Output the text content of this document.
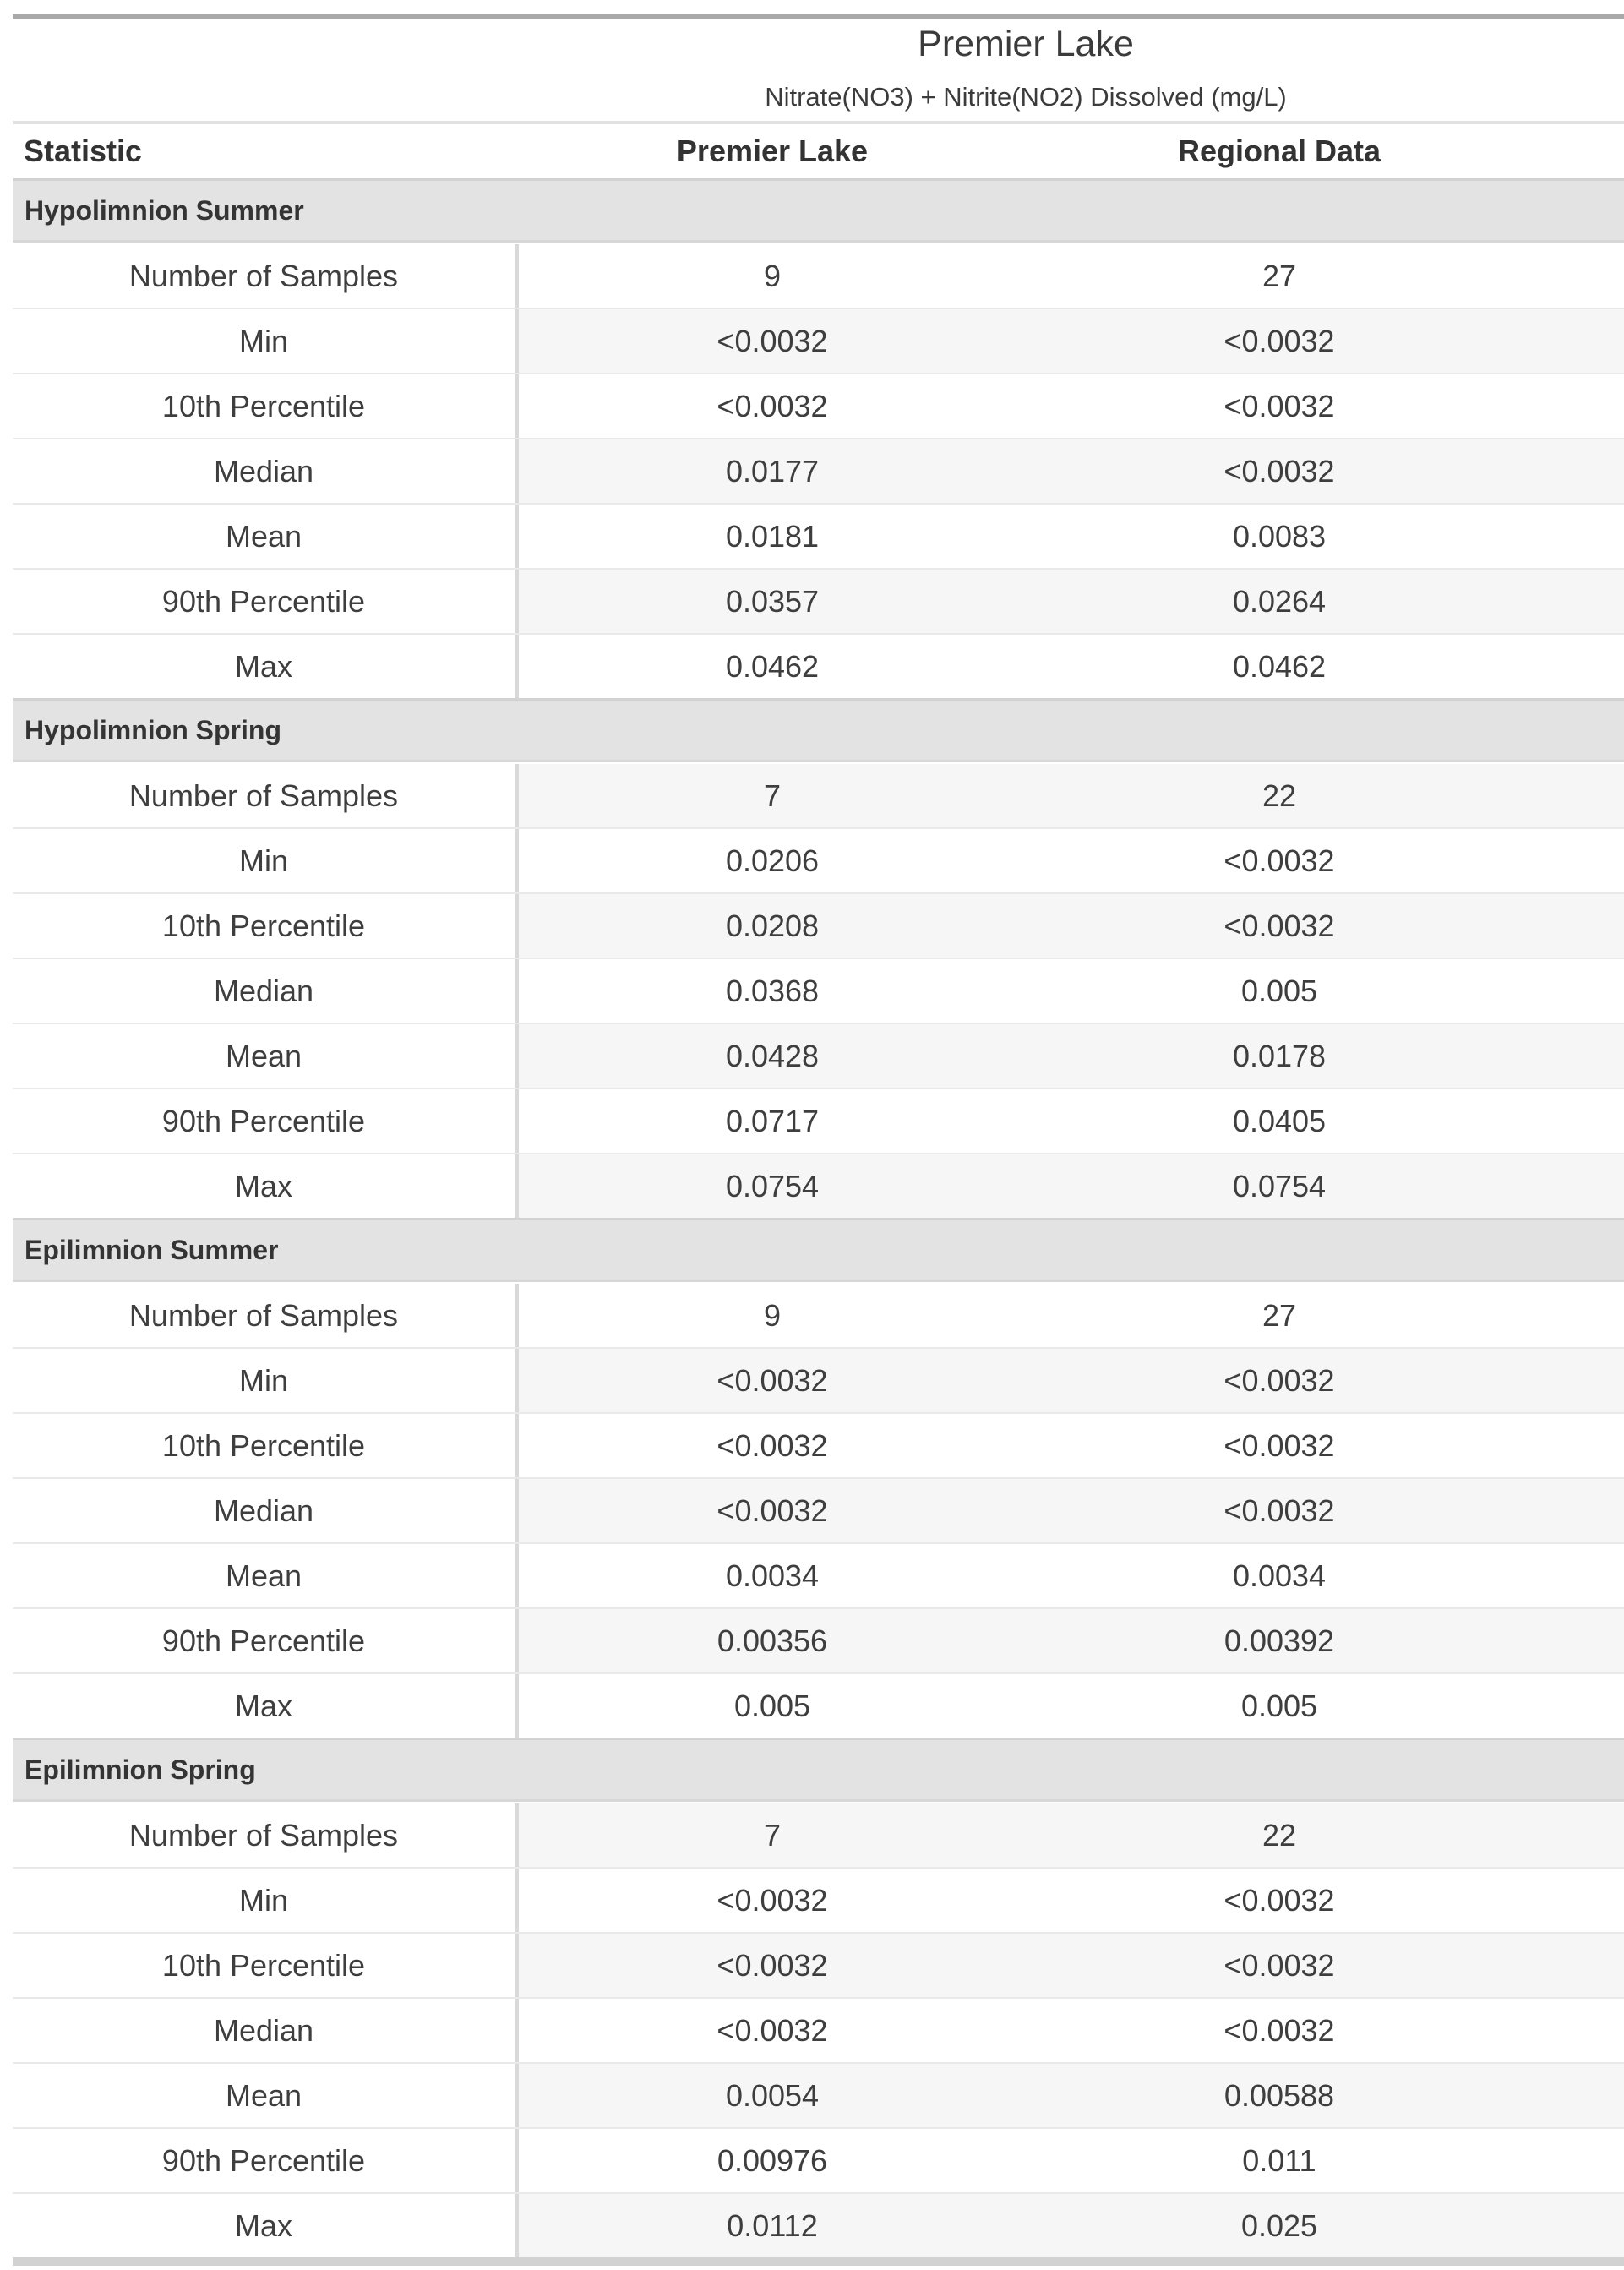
Premier Lake
Nitrate(NO3) + Nitrite(NO2) Dissolved (mg/L)
Statistic	Premier Lake	Regional Data
Hypolimnion Summer
Number of Samples	9	27
Min	<0.0032	<0.0032
10th Percentile	<0.0032	<0.0032
Median	0.0177	<0.0032
Mean	0.0181	0.0083
90th Percentile	0.0357	0.0264
Max	0.0462	0.0462
Hypolimnion Spring
Number of Samples	7	22
Min	0.0206	<0.0032
10th Percentile	0.0208	<0.0032
Median	0.0368	0.005
Mean	0.0428	0.0178
90th Percentile	0.0717	0.0405
Max	0.0754	0.0754
Epilimnion Summer
Number of Samples	9	27
Min	<0.0032	<0.0032
10th Percentile	<0.0032	<0.0032
Median	<0.0032	<0.0032
Mean	0.0034	0.0034
90th Percentile	0.00356	0.00392
Max	0.005	0.005
Epilimnion Spring
Number of Samples	7	22
Min	<0.0032	<0.0032
10th Percentile	<0.0032	<0.0032
Median	<0.0032	<0.0032
Mean	0.0054	0.00588
90th Percentile	0.00976	0.011
Max	0.0112	0.025
